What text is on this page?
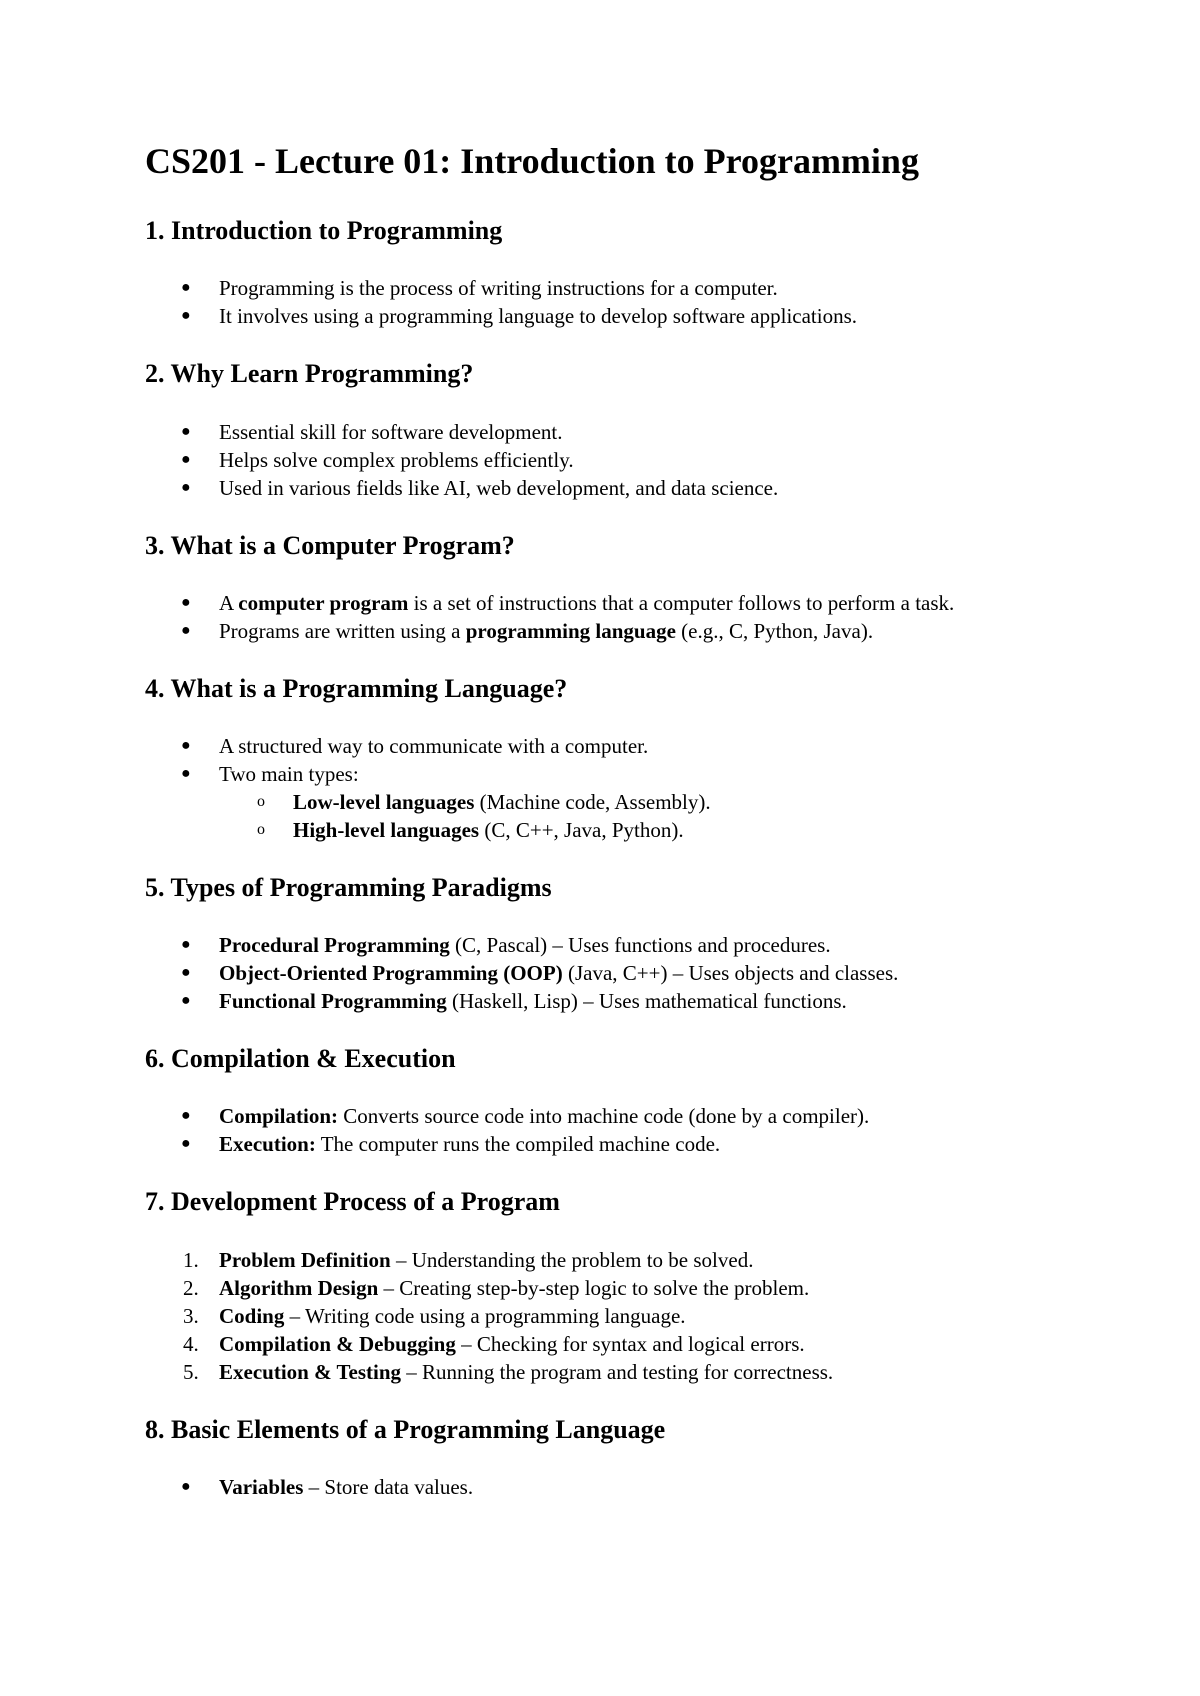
CS201 - Lecture 01: Introduction to Programming
1. Introduction to Programming
● Programming is the process of writing instructions for a computer.
● It involves using a programming language to develop software applications.
2. Why Learn Programming?
● Essential skill for software development.
● Helps solve complex problems efficiently.
● Used in various fields like AI, web development, and data science.
3. What is a Computer Program?
● A computer program is a set of instructions that a computer follows to perform a task.
● Programs are written using a programming language (e.g., C, Python, Java).
4. What is a Programming Language?
● A structured way to communicate with a computer.
● Two main types:
o Low-level languages (Machine code, Assembly).
o High-level languages (C, C++, Java, Python).
5. Types of Programming Paradigms
● Procedural Programming (C, Pascal) – Uses functions and procedures.
● Object-Oriented Programming (OOP) (Java, C++) – Uses objects and classes.
● Functional Programming (Haskell, Lisp) – Uses mathematical functions.
6. Compilation & Execution
● Compilation: Converts source code into machine code (done by a compiler).
● Execution: The computer runs the compiled machine code.
7. Development Process of a Program
1. Problem Definition – Understanding the problem to be solved.
2. Algorithm Design – Creating step-by-step logic to solve the problem.
3. Coding – Writing code using a programming language.
4. Compilation & Debugging – Checking for syntax and logical errors.
5. Execution & Testing – Running the program and testing for correctness.
8. Basic Elements of a Programming Language
● Variables – Store data values.
